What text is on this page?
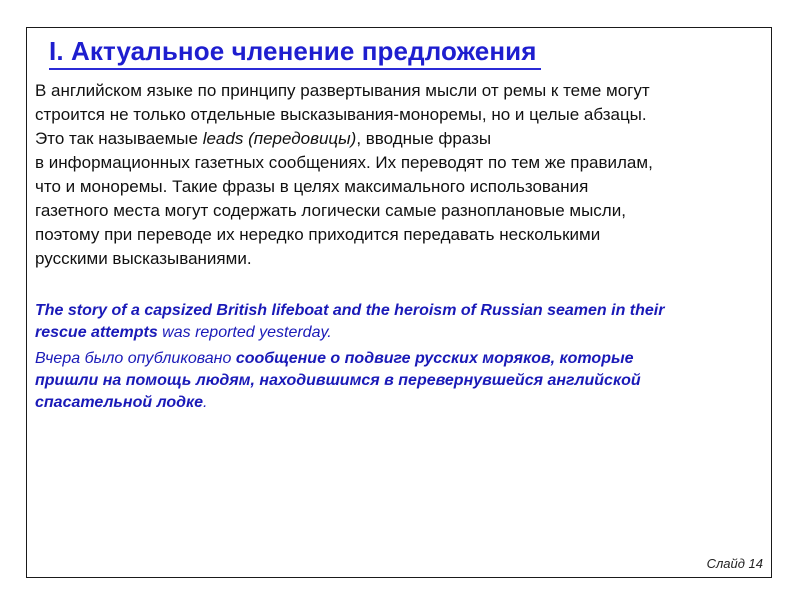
I. Актуальное членение предложения
В английском языке по принципу развертывания мысли от ремы к теме могут
строится не только отдельные высказывания-монoремы, но и целые абзацы.
Это так называемые leads (передовицы), вводные фразы
в информационных газетных сообщениях. Их переводят по тем же правилам,
что и монoремы. Такие фразы в целях максимального использования
газетного места могут содержать логически самые разноплановые мысли,
поэтому при переводе их нередко приходится передавать несколькими
русскими высказываниями.
The story of a capsized British lifeboat and the heroism of Russian seamen in their
rescue attempts was reported yesterday.
Вчера было опубликовано сообщение о подвиге русских моряков, которые
пришли на помощь людям, находившимся в перевернувшейся английской
спасательной лодке.
Слайд 14
